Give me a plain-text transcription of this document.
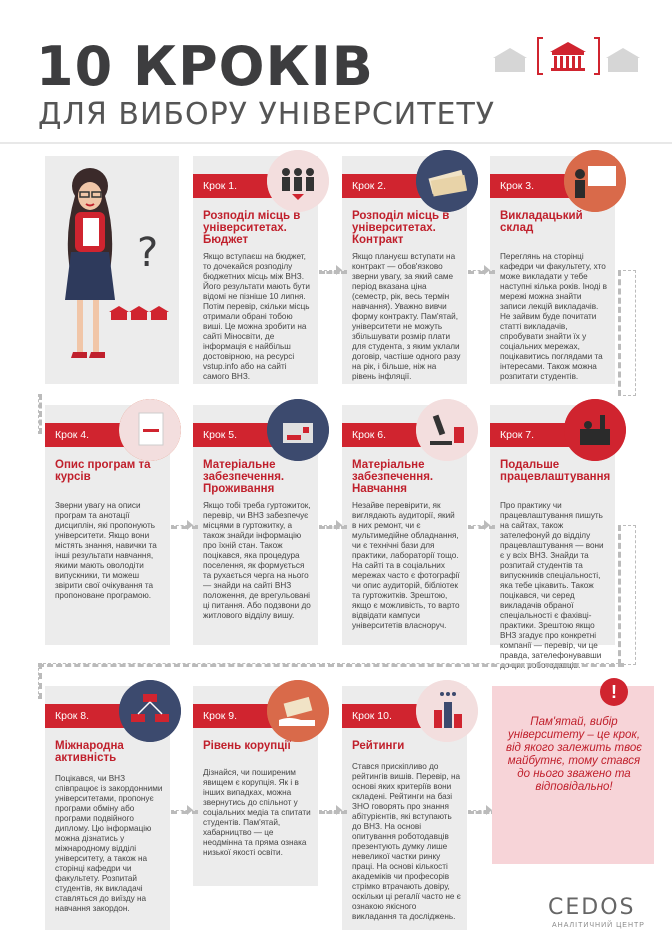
10 КРОКІВ
ДЛЯ ВИБОРУ УНІВЕРСИТЕТУ
?
Крок 1.
Розподіл місць в університетах. Бюджет
Якщо вступаєш на бюджет, то дочекайся розподілу бюджетних місць між ВНЗ. Його результати мають бути відомі не пізніше 10 липня. Потім перевір, скільки місць отримали обрані тобою виші. Це можна зробити на сайті Міносвіти, де інформація є найбільш достовірною, на ресурсі vstup.info або на сайті самого ВНЗ.
Крок 2.
Розподіл місць в університетах. Контракт
Якщо плануєш вступати на контракт — обов'язково зверни увагу, за який саме період вказана ціна (семестр, рік, весь термін навчання). Уважно вивчи форму контракту. Пам'ятай, університети не можуть збільшувати розмір плати для студента, з яким уклали договір, частіше одного разу на рік, і більше, ніж на рівень інфляції.
Крок 3.
Викладацький склад
Переглянь на сторінці кафедри чи факультету, хто може викладати у тебе наступні кілька років. Іноді в мережі можна знайти записи лекцій викладачів. Не зайвим буде почитати статті викладачів, спробувати знайти їх у соціальних мережах, поцікавитись поглядами та інтересами. Також можна розпитати студентів.
Крок 4.
Опис програм та курсів
Зверни увагу на описи програм та анотації дисциплін, які пропонують університети. Якщо вони містять знання, навички та інші результати навчання, якими мають оволодіти випускники, ти можеш звірити свої очікування та пропоноване програмою.
Крок 5.
Матеріальне забезпечення. Проживання
Якщо тобі треба гуртожиток, перевір, чи ВНЗ забезпечує місцями в гуртожитку, а також знайди інформацію про їхній стан. Також поцікався, яка процедура поселення, як формується та рухається черга на нього — знайди на сайті ВНЗ положення, де врегульовані ці питання. Або подзвони до житлового відділу вишу.
Крок 6.
Матеріальне забезпечення. Навчання
Незайве перевірити, як виглядають аудиторії, який в них ремонт, чи є мультимедійне обладнання, чи є технічні бази для практики, лабораторії тощо. На сайті та в соціальних мережах часто є фотографії чи опис аудиторій, бібліотек та гуртожитків. Зрештою, якщо є можливість, то варто відвідати кампуси університетів власноруч.
Крок 7.
Подальше працевлаштування
Про практику чи працевлаштування пишуть на сайтах, також зателефонуй до відділу працевлаштування — вони є у всіх ВНЗ. Знайди та розпитай студентів та випускників спеціальності, яка тебе цікавить. Також поцікався, чи серед викладачів обраної спеціальності є фахівці-практики. Зрештою якщо ВНЗ згадує про конкретні компанії — перевір, чи це правда, зателефонувавши до цих роботодавців.
Крок 8.
Міжнародна активність
Поцікався, чи ВНЗ співпрацює із закордонними університетами, пропонує програми обміну або програми подвійного диплому. Цю інформацію можна дізнатись у міжнародному відділі університету, а також на сторінці кафедри чи факультету. Розпитай студентів, як викладачі ставляться до виїзду на навчання закордон.
Крок 9.
Рівень корупції
Дізнайся, чи поширеним явищем є корупція. Як і в інших випадках, можна звернутись до спільнот у соціальних медіа та спитати студентів. Пам'ятай, хабарництво — це неодмінна та пряма ознака низької якості освіти.
Крок 10.
Рейтинги
Стався прискіпливо до рейтингів вишів. Перевір, на основі яких критеріїв вони складені. Рейтинги на базі ЗНО говорять про знання абітурієнтів, які вступають до ВНЗ. На основі опитування роботодавців презентують думку лише невеликої частки ринку праці. На основі кількості академіків чи професорів стрімко втрачають довіру, оскільки ці регалії часто не є ознакою якісного викладання та досліджень.
!
Пам'ятай, вибір університету – це крок, від якого залежить твоє майбутнє, тому стався до нього зважено та відповідально!
CEDOS
АНАЛІТИЧНИЙ ЦЕНТР
